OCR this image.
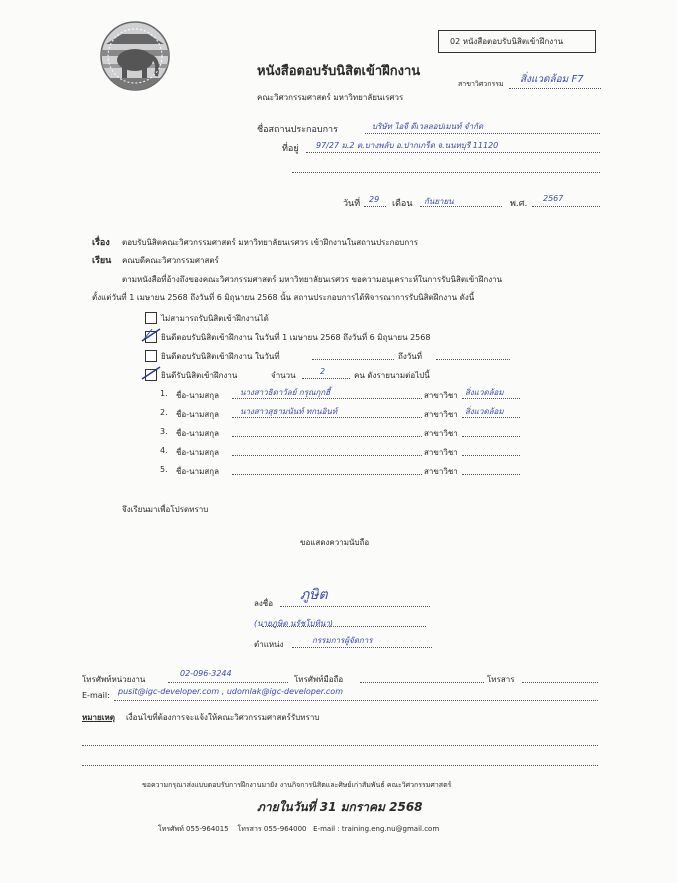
02 หนังสือตอบรับนิสิตเข้าฝึกงาน
หนังสือตอบรับนิสิตเข้าฝึกงาน
คณะวิศวกรรมศาสตร์ มหาวิทยาลัยนเรศวร
สาขาวิศวกรรม สิ่งแวดล้อม F7
ชื่อสถานประกอบการ	บริษัท ไอจี ดีเวลลอปเมนท์ จำกัด
ที่อยู่ 97/27 ม.2 ต.บางพลับ อ.ปากเกร็ด จ.นนทบุรี 11120
วันที่ 29 เดือน กันยายน	พ.ศ.
2567
เรื่อง ตอบรับนิสิตคณะวิศวกรรมศาสตร์ มหาวิทยาลัยนเรศวร เข้าฝึกงานในสถานประกอบการ
เรียน คณบดีคณะวิศวกรรมศาสตร์
ตามหนังสือที่อ้างถึงของคณะวิศวกรรมศาสตร์ มหาวิทยาลัยนเรศวร ขอความอนุเคราะห์ในการรับนิสิตเข้าฝึกงาน
ตั้งแต่วันที่ 1 เมษายน 2568 ถึงวันที่ 6 มิถุนายน 2568 นั้น สถานประกอบการได้พิจารณาการรับนิสิตฝึกงาน ดังนี้
ไม่สามารถรับนิสิตเข้าฝึกงานได้
⁄ ยินดีตอบรับนิสิตเข้าฝึกงาน ในวันที่ 1 เมษายน 2568 ถึงวันที่ 6 มิถุนายน 2568
ยินดีตอบรับนิสิตเข้าฝึกงาน ในวันที่	ถึงวันที่
ยินดีรับนิสิตเข้าฝึกงาน	จำนวน	2	คน ดังรายนามต่อไปนี้
1. ชื่อ-นามสกุล	นางสาวธิดาวัลย์ กรุณกุกฮี้	สาขาวิชา สิ่งแวดล้อม
2. ชื่อ-นามสกุล	นางสาวสุธามนันท์ ทกนอินท์	สาขาวิชา สิ่งแวดล้อม
3. ชื่อ-นามสกุล	สาขาวิชา
4. ชื่อ-นามสกุล	สาขาวิชา
5. ชื่อ-นามสกุล	สาขาวิชา
จึงเรียนมาเพื่อโปรดทราบ
ขอแสดงความนับถือ
ลงชื่อ
ภูษิต
(นายภูษิต นรัชโบทินา)
ตำแหน่ง	กรรมการผู้จัดการ
โทรศัพท์หน่วยงาน
02-096-3244
โทรศัพท์มือถือ	โทรสาร
E-mail: pusit@igc-developer.com , udomlak@igc-developer.com
หมายเหตุ เงื่อนไขที่ต้องการจะแจ้งให้คณะวิศวกรรมศาสตร์รับทราบ
ขอความกรุณาส่งแบบตอบรับการฝึกงานมายัง งานกิจการนิสิตและศิษย์เก่าสัมพันธ์ คณะวิศวกรรมศาสตร์
ภายในวันที่ 31 มกราคม 2568
โทรศัพท์ 055-964015    โทรสาร 055-964000   E-mail : training.eng.nu@gmail.com
